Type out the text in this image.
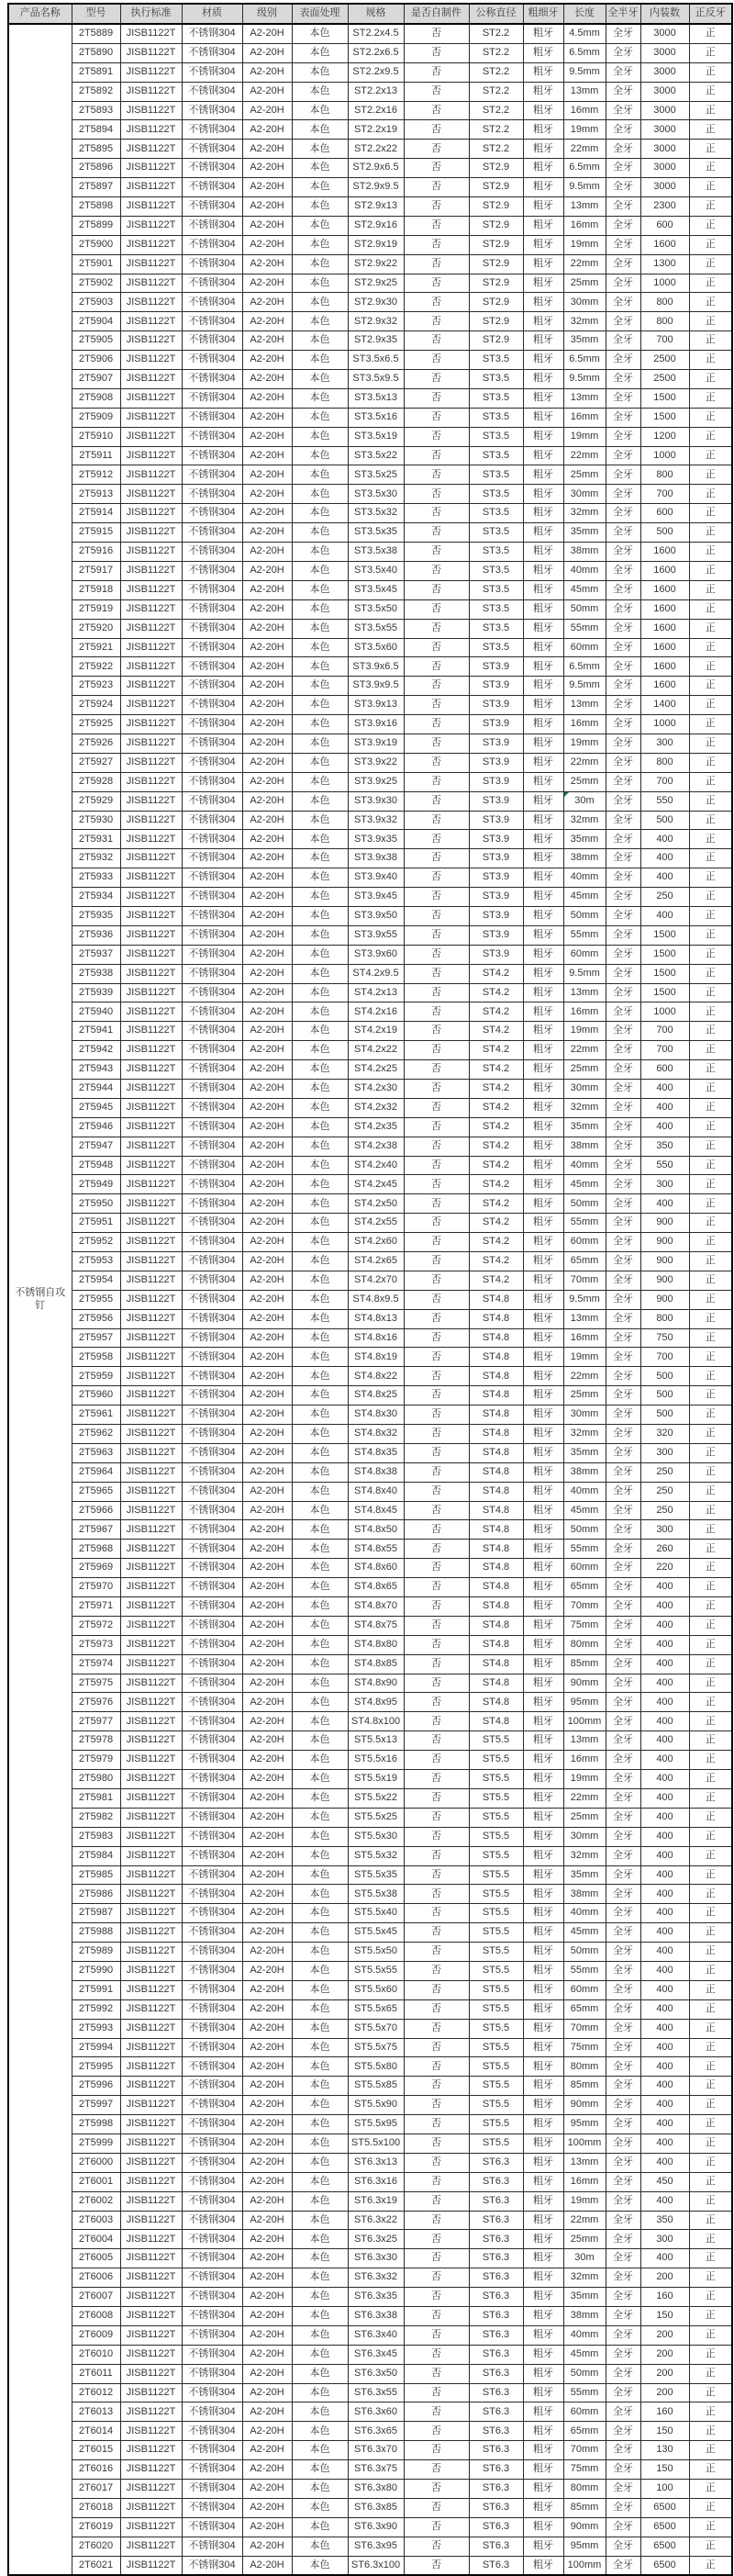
产品名称	型号	执行标准	材质	级别	表面处理	规格	是否自制件	公称直径	粗细牙	长度	全半牙	内装数	正反牙
不锈钢自攻钉	2T5889	JISB1122T	不锈钢304	A2-20H	本色	ST2.2x4.5	否	ST2.2	粗牙	4.5mm	全牙	3000	正
	2T5890	JISB1122T	不锈钢304	A2-20H	本色	ST2.2x6.5	否	ST2.2	粗牙	6.5mm	全牙	3000	正
	2T5891	JISB1122T	不锈钢304	A2-20H	本色	ST2.2x9.5	否	ST2.2	粗牙	9.5mm	全牙	3000	正
	2T5892	JISB1122T	不锈钢304	A2-20H	本色	ST2.2x13	否	ST2.2	粗牙	13mm	全牙	3000	正
	2T5893	JISB1122T	不锈钢304	A2-20H	本色	ST2.2x16	否	ST2.2	粗牙	16mm	全牙	3000	正
	2T5894	JISB1122T	不锈钢304	A2-20H	本色	ST2.2x19	否	ST2.2	粗牙	19mm	全牙	3000	正
	2T5895	JISB1122T	不锈钢304	A2-20H	本色	ST2.2x22	否	ST2.2	粗牙	22mm	全牙	3000	正
	2T5896	JISB1122T	不锈钢304	A2-20H	本色	ST2.9x6.5	否	ST2.9	粗牙	6.5mm	全牙	3000	正
	2T5897	JISB1122T	不锈钢304	A2-20H	本色	ST2.9x9.5	否	ST2.9	粗牙	9.5mm	全牙	3000	正
	2T5898	JISB1122T	不锈钢304	A2-20H	本色	ST2.9x13	否	ST2.9	粗牙	13mm	全牙	2300	正
	2T5899	JISB1122T	不锈钢304	A2-20H	本色	ST2.9x16	否	ST2.9	粗牙	16mm	全牙	600	正
	2T5900	JISB1122T	不锈钢304	A2-20H	本色	ST2.9x19	否	ST2.9	粗牙	19mm	全牙	1600	正
	2T5901	JISB1122T	不锈钢304	A2-20H	本色	ST2.9x22	否	ST2.9	粗牙	22mm	全牙	1300	正
	2T5902	JISB1122T	不锈钢304	A2-20H	本色	ST2.9x25	否	ST2.9	粗牙	25mm	全牙	1000	正
	2T5903	JISB1122T	不锈钢304	A2-20H	本色	ST2.9x30	否	ST2.9	粗牙	30mm	全牙	800	正
	2T5904	JISB1122T	不锈钢304	A2-20H	本色	ST2.9x32	否	ST2.9	粗牙	32mm	全牙	800	正
	2T5905	JISB1122T	不锈钢304	A2-20H	本色	ST2.9x35	否	ST2.9	粗牙	35mm	全牙	700	正
	2T5906	JISB1122T	不锈钢304	A2-20H	本色	ST3.5x6.5	否	ST3.5	粗牙	6.5mm	全牙	2500	正
	2T5907	JISB1122T	不锈钢304	A2-20H	本色	ST3.5x9.5	否	ST3.5	粗牙	9.5mm	全牙	2500	正
	2T5908	JISB1122T	不锈钢304	A2-20H	本色	ST3.5x13	否	ST3.5	粗牙	13mm	全牙	1500	正
	2T5909	JISB1122T	不锈钢304	A2-20H	本色	ST3.5x16	否	ST3.5	粗牙	16mm	全牙	1500	正
	2T5910	JISB1122T	不锈钢304	A2-20H	本色	ST3.5x19	否	ST3.5	粗牙	19mm	全牙	1200	正
	2T5911	JISB1122T	不锈钢304	A2-20H	本色	ST3.5x22	否	ST3.5	粗牙	22mm	全牙	1000	正
	2T5912	JISB1122T	不锈钢304	A2-20H	本色	ST3.5x25	否	ST3.5	粗牙	25mm	全牙	800	正
	2T5913	JISB1122T	不锈钢304	A2-20H	本色	ST3.5x30	否	ST3.5	粗牙	30mm	全牙	700	正
	2T5914	JISB1122T	不锈钢304	A2-20H	本色	ST3.5x32	否	ST3.5	粗牙	32mm	全牙	600	正
	2T5915	JISB1122T	不锈钢304	A2-20H	本色	ST3.5x35	否	ST3.5	粗牙	35mm	全牙	500	正
	2T5916	JISB1122T	不锈钢304	A2-20H	本色	ST3.5x38	否	ST3.5	粗牙	38mm	全牙	1600	正
	2T5917	JISB1122T	不锈钢304	A2-20H	本色	ST3.5x40	否	ST3.5	粗牙	40mm	全牙	1600	正
	2T5918	JISB1122T	不锈钢304	A2-20H	本色	ST3.5x45	否	ST3.5	粗牙	45mm	全牙	1600	正
	2T5919	JISB1122T	不锈钢304	A2-20H	本色	ST3.5x50	否	ST3.5	粗牙	50mm	全牙	1600	正
	2T5920	JISB1122T	不锈钢304	A2-20H	本色	ST3.5x55	否	ST3.5	粗牙	55mm	全牙	1600	正
	2T5921	JISB1122T	不锈钢304	A2-20H	本色	ST3.5x60	否	ST3.5	粗牙	60mm	全牙	1600	正
	2T5922	JISB1122T	不锈钢304	A2-20H	本色	ST3.9x6.5	否	ST3.9	粗牙	6.5mm	全牙	1600	正
	2T5923	JISB1122T	不锈钢304	A2-20H	本色	ST3.9x9.5	否	ST3.9	粗牙	9.5mm	全牙	1600	正
	2T5924	JISB1122T	不锈钢304	A2-20H	本色	ST3.9x13	否	ST3.9	粗牙	13mm	全牙	1400	正
	2T5925	JISB1122T	不锈钢304	A2-20H	本色	ST3.9x16	否	ST3.9	粗牙	16mm	全牙	1000	正
	2T5926	JISB1122T	不锈钢304	A2-20H	本色	ST3.9x19	否	ST3.9	粗牙	19mm	全牙	300	正
	2T5927	JISB1122T	不锈钢304	A2-20H	本色	ST3.9x22	否	ST3.9	粗牙	22mm	全牙	800	正
	2T5928	JISB1122T	不锈钢304	A2-20H	本色	ST3.9x25	否	ST3.9	粗牙	25mm	全牙	700	正
	2T5929	JISB1122T	不锈钢304	A2-20H	本色	ST3.9x30	否	ST3.9	粗牙	30m	全牙	550	正
	2T5930	JISB1122T	不锈钢304	A2-20H	本色	ST3.9x32	否	ST3.9	粗牙	32mm	全牙	500	正
	2T5931	JISB1122T	不锈钢304	A2-20H	本色	ST3.9x35	否	ST3.9	粗牙	35mm	全牙	400	正
	2T5932	JISB1122T	不锈钢304	A2-20H	本色	ST3.9x38	否	ST3.9	粗牙	38mm	全牙	400	正
	2T5933	JISB1122T	不锈钢304	A2-20H	本色	ST3.9x40	否	ST3.9	粗牙	40mm	全牙	400	正
	2T5934	JISB1122T	不锈钢304	A2-20H	本色	ST3.9x45	否	ST3.9	粗牙	45mm	全牙	250	正
	2T5935	JISB1122T	不锈钢304	A2-20H	本色	ST3.9x50	否	ST3.9	粗牙	50mm	全牙	400	正
	2T5936	JISB1122T	不锈钢304	A2-20H	本色	ST3.9x55	否	ST3.9	粗牙	55mm	全牙	1500	正
	2T5937	JISB1122T	不锈钢304	A2-20H	本色	ST3.9x60	否	ST3.9	粗牙	60mm	全牙	1500	正
	2T5938	JISB1122T	不锈钢304	A2-20H	本色	ST4.2x9.5	否	ST4.2	粗牙	9.5mm	全牙	1500	正
	2T5939	JISB1122T	不锈钢304	A2-20H	本色	ST4.2x13	否	ST4.2	粗牙	13mm	全牙	1500	正
	2T5940	JISB1122T	不锈钢304	A2-20H	本色	ST4.2x16	否	ST4.2	粗牙	16mm	全牙	1000	正
	2T5941	JISB1122T	不锈钢304	A2-20H	本色	ST4.2x19	否	ST4.2	粗牙	19mm	全牙	700	正
	2T5942	JISB1122T	不锈钢304	A2-20H	本色	ST4.2x22	否	ST4.2	粗牙	22mm	全牙	700	正
	2T5943	JISB1122T	不锈钢304	A2-20H	本色	ST4.2x25	否	ST4.2	粗牙	25mm	全牙	600	正
	2T5944	JISB1122T	不锈钢304	A2-20H	本色	ST4.2x30	否	ST4.2	粗牙	30mm	全牙	400	正
	2T5945	JISB1122T	不锈钢304	A2-20H	本色	ST4.2x32	否	ST4.2	粗牙	32mm	全牙	400	正
	2T5946	JISB1122T	不锈钢304	A2-20H	本色	ST4.2x35	否	ST4.2	粗牙	35mm	全牙	400	正
	2T5947	JISB1122T	不锈钢304	A2-20H	本色	ST4.2x38	否	ST4.2	粗牙	38mm	全牙	350	正
	2T5948	JISB1122T	不锈钢304	A2-20H	本色	ST4.2x40	否	ST4.2	粗牙	40mm	全牙	550	正
	2T5949	JISB1122T	不锈钢304	A2-20H	本色	ST4.2x45	否	ST4.2	粗牙	45mm	全牙	300	正
	2T5950	JISB1122T	不锈钢304	A2-20H	本色	ST4.2x50	否	ST4.2	粗牙	50mm	全牙	400	正
	2T5951	JISB1122T	不锈钢304	A2-20H	本色	ST4.2x55	否	ST4.2	粗牙	55mm	全牙	900	正
	2T5952	JISB1122T	不锈钢304	A2-20H	本色	ST4.2x60	否	ST4.2	粗牙	60mm	全牙	900	正
	2T5953	JISB1122T	不锈钢304	A2-20H	本色	ST4.2x65	否	ST4.2	粗牙	65mm	全牙	900	正
	2T5954	JISB1122T	不锈钢304	A2-20H	本色	ST4.2x70	否	ST4.2	粗牙	70mm	全牙	900	正
	2T5955	JISB1122T	不锈钢304	A2-20H	本色	ST4.8x9.5	否	ST4.8	粗牙	9.5mm	全牙	900	正
	2T5956	JISB1122T	不锈钢304	A2-20H	本色	ST4.8x13	否	ST4.8	粗牙	13mm	全牙	800	正
	2T5957	JISB1122T	不锈钢304	A2-20H	本色	ST4.8x16	否	ST4.8	粗牙	16mm	全牙	750	正
	2T5958	JISB1122T	不锈钢304	A2-20H	本色	ST4.8x19	否	ST4.8	粗牙	19mm	全牙	700	正
	2T5959	JISB1122T	不锈钢304	A2-20H	本色	ST4.8x22	否	ST4.8	粗牙	22mm	全牙	500	正
	2T5960	JISB1122T	不锈钢304	A2-20H	本色	ST4.8x25	否	ST4.8	粗牙	25mm	全牙	500	正
	2T5961	JISB1122T	不锈钢304	A2-20H	本色	ST4.8x30	否	ST4.8	粗牙	30mm	全牙	500	正
	2T5962	JISB1122T	不锈钢304	A2-20H	本色	ST4.8x32	否	ST4.8	粗牙	32mm	全牙	320	正
	2T5963	JISB1122T	不锈钢304	A2-20H	本色	ST4.8x35	否	ST4.8	粗牙	35mm	全牙	300	正
	2T5964	JISB1122T	不锈钢304	A2-20H	本色	ST4.8x38	否	ST4.8	粗牙	38mm	全牙	250	正
	2T5965	JISB1122T	不锈钢304	A2-20H	本色	ST4.8x40	否	ST4.8	粗牙	40mm	全牙	250	正
	2T5966	JISB1122T	不锈钢304	A2-20H	本色	ST4.8x45	否	ST4.8	粗牙	45mm	全牙	250	正
	2T5967	JISB1122T	不锈钢304	A2-20H	本色	ST4.8x50	否	ST4.8	粗牙	50mm	全牙	300	正
	2T5968	JISB1122T	不锈钢304	A2-20H	本色	ST4.8x55	否	ST4.8	粗牙	55mm	全牙	260	正
	2T5969	JISB1122T	不锈钢304	A2-20H	本色	ST4.8x60	否	ST4.8	粗牙	60mm	全牙	220	正
	2T5970	JISB1122T	不锈钢304	A2-20H	本色	ST4.8x65	否	ST4.8	粗牙	65mm	全牙	400	正
	2T5971	JISB1122T	不锈钢304	A2-20H	本色	ST4.8x70	否	ST4.8	粗牙	70mm	全牙	400	正
	2T5972	JISB1122T	不锈钢304	A2-20H	本色	ST4.8x75	否	ST4.8	粗牙	75mm	全牙	400	正
	2T5973	JISB1122T	不锈钢304	A2-20H	本色	ST4.8x80	否	ST4.8	粗牙	80mm	全牙	400	正
	2T5974	JISB1122T	不锈钢304	A2-20H	本色	ST4.8x85	否	ST4.8	粗牙	85mm	全牙	400	正
	2T5975	JISB1122T	不锈钢304	A2-20H	本色	ST4.8x90	否	ST4.8	粗牙	90mm	全牙	400	正
	2T5976	JISB1122T	不锈钢304	A2-20H	本色	ST4.8x95	否	ST4.8	粗牙	95mm	全牙	400	正
	2T5977	JISB1122T	不锈钢304	A2-20H	本色	ST4.8x100	否	ST4.8	粗牙	100mm	全牙	400	正
	2T5978	JISB1122T	不锈钢304	A2-20H	本色	ST5.5x13	否	ST5.5	粗牙	13mm	全牙	400	正
	2T5979	JISB1122T	不锈钢304	A2-20H	本色	ST5.5x16	否	ST5.5	粗牙	16mm	全牙	400	正
	2T5980	JISB1122T	不锈钢304	A2-20H	本色	ST5.5x19	否	ST5.5	粗牙	19mm	全牙	400	正
	2T5981	JISB1122T	不锈钢304	A2-20H	本色	ST5.5x22	否	ST5.5	粗牙	22mm	全牙	400	正
	2T5982	JISB1122T	不锈钢304	A2-20H	本色	ST5.5x25	否	ST5.5	粗牙	25mm	全牙	400	正
	2T5983	JISB1122T	不锈钢304	A2-20H	本色	ST5.5x30	否	ST5.5	粗牙	30mm	全牙	400	正
	2T5984	JISB1122T	不锈钢304	A2-20H	本色	ST5.5x32	否	ST5.5	粗牙	32mm	全牙	400	正
	2T5985	JISB1122T	不锈钢304	A2-20H	本色	ST5.5x35	否	ST5.5	粗牙	35mm	全牙	400	正
	2T5986	JISB1122T	不锈钢304	A2-20H	本色	ST5.5x38	否	ST5.5	粗牙	38mm	全牙	400	正
	2T5987	JISB1122T	不锈钢304	A2-20H	本色	ST5.5x40	否	ST5.5	粗牙	40mm	全牙	400	正
	2T5988	JISB1122T	不锈钢304	A2-20H	本色	ST5.5x45	否	ST5.5	粗牙	45mm	全牙	400	正
	2T5989	JISB1122T	不锈钢304	A2-20H	本色	ST5.5x50	否	ST5.5	粗牙	50mm	全牙	400	正
	2T5990	JISB1122T	不锈钢304	A2-20H	本色	ST5.5x55	否	ST5.5	粗牙	55mm	全牙	400	正
	2T5991	JISB1122T	不锈钢304	A2-20H	本色	ST5.5x60	否	ST5.5	粗牙	60mm	全牙	400	正
	2T5992	JISB1122T	不锈钢304	A2-20H	本色	ST5.5x65	否	ST5.5	粗牙	65mm	全牙	400	正
	2T5993	JISB1122T	不锈钢304	A2-20H	本色	ST5.5x70	否	ST5.5	粗牙	70mm	全牙	400	正
	2T5994	JISB1122T	不锈钢304	A2-20H	本色	ST5.5x75	否	ST5.5	粗牙	75mm	全牙	400	正
	2T5995	JISB1122T	不锈钢304	A2-20H	本色	ST5.5x80	否	ST5.5	粗牙	80mm	全牙	400	正
	2T5996	JISB1122T	不锈钢304	A2-20H	本色	ST5.5x85	否	ST5.5	粗牙	85mm	全牙	400	正
	2T5997	JISB1122T	不锈钢304	A2-20H	本色	ST5.5x90	否	ST5.5	粗牙	90mm	全牙	400	正
	2T5998	JISB1122T	不锈钢304	A2-20H	本色	ST5.5x95	否	ST5.5	粗牙	95mm	全牙	400	正
	2T5999	JISB1122T	不锈钢304	A2-20H	本色	ST5.5x100	否	ST5.5	粗牙	100mm	全牙	400	正
	2T6000	JISB1122T	不锈钢304	A2-20H	本色	ST6.3x13	否	ST6.3	粗牙	13mm	全牙	400	正
	2T6001	JISB1122T	不锈钢304	A2-20H	本色	ST6.3x16	否	ST6.3	粗牙	16mm	全牙	450	正
	2T6002	JISB1122T	不锈钢304	A2-20H	本色	ST6.3x19	否	ST6.3	粗牙	19mm	全牙	400	正
	2T6003	JISB1122T	不锈钢304	A2-20H	本色	ST6.3x22	否	ST6.3	粗牙	22mm	全牙	350	正
	2T6004	JISB1122T	不锈钢304	A2-20H	本色	ST6.3x25	否	ST6.3	粗牙	25mm	全牙	300	正
	2T6005	JISB1122T	不锈钢304	A2-20H	本色	ST6.3x30	否	ST6.3	粗牙	30m	全牙	400	正
	2T6006	JISB1122T	不锈钢304	A2-20H	本色	ST6.3x32	否	ST6.3	粗牙	32mm	全牙	200	正
	2T6007	JISB1122T	不锈钢304	A2-20H	本色	ST6.3x35	否	ST6.3	粗牙	35mm	全牙	160	正
	2T6008	JISB1122T	不锈钢304	A2-20H	本色	ST6.3x38	否	ST6.3	粗牙	38mm	全牙	150	正
	2T6009	JISB1122T	不锈钢304	A2-20H	本色	ST6.3x40	否	ST6.3	粗牙	40mm	全牙	200	正
	2T6010	JISB1122T	不锈钢304	A2-20H	本色	ST6.3x45	否	ST6.3	粗牙	45mm	全牙	200	正
	2T6011	JISB1122T	不锈钢304	A2-20H	本色	ST6.3x50	否	ST6.3	粗牙	50mm	全牙	200	正
	2T6012	JISB1122T	不锈钢304	A2-20H	本色	ST6.3x55	否	ST6.3	粗牙	55mm	全牙	200	正
	2T6013	JISB1122T	不锈钢304	A2-20H	本色	ST6.3x60	否	ST6.3	粗牙	60mm	全牙	160	正
	2T6014	JISB1122T	不锈钢304	A2-20H	本色	ST6.3x65	否	ST6.3	粗牙	65mm	全牙	150	正
	2T6015	JISB1122T	不锈钢304	A2-20H	本色	ST6.3x70	否	ST6.3	粗牙	70mm	全牙	130	正
	2T6016	JISB1122T	不锈钢304	A2-20H	本色	ST6.3x75	否	ST6.3	粗牙	75mm	全牙	150	正
	2T6017	JISB1122T	不锈钢304	A2-20H	本色	ST6.3x80	否	ST6.3	粗牙	80mm	全牙	100	正
	2T6018	JISB1122T	不锈钢304	A2-20H	本色	ST6.3x85	否	ST6.3	粗牙	85mm	全牙	6500	正
	2T6019	JISB1122T	不锈钢304	A2-20H	本色	ST6.3x90	否	ST6.3	粗牙	90mm	全牙	6500	正
	2T6020	JISB1122T	不锈钢304	A2-20H	本色	ST6.3x95	否	ST6.3	粗牙	95mm	全牙	6500	正
	2T6021	JISB1122T	不锈钢304	A2-20H	本色	ST6.3x100	否	ST6.3	粗牙	100mm	全牙	6500	正
